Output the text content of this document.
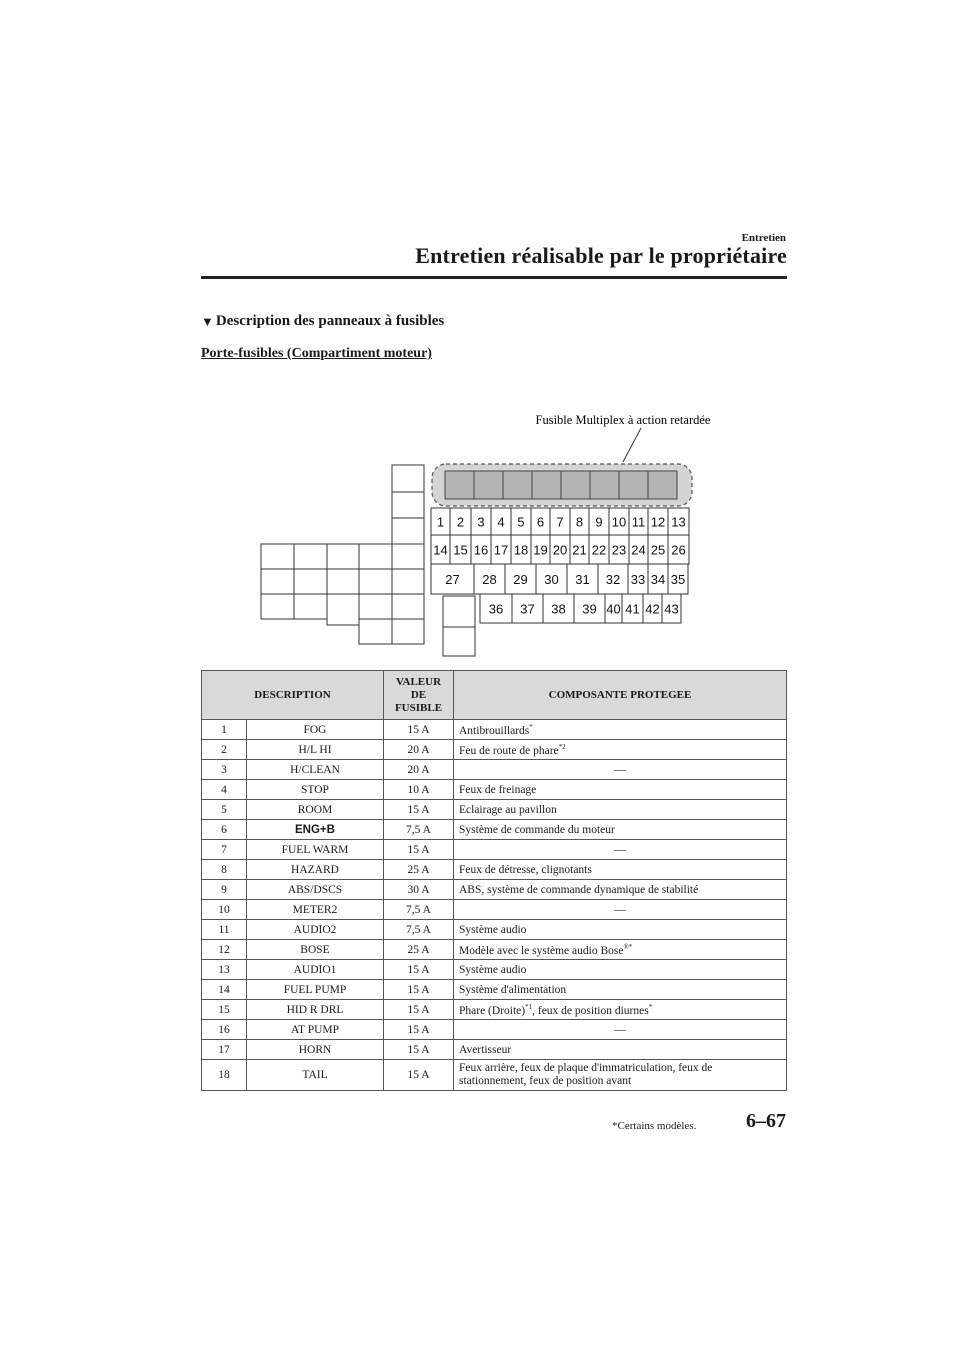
Entretien
Entretien réalisable par le propriétaire
▼ Description des panneaux à fusibles
Porte-fusibles (Compartiment moteur)
Fusible Multiplex à action retardée
1 2 3 4 5 6 7 8 9 10 11 12 13
14 15 16 17 18 19 20 21 22 23 24 25 26
27 28 29 30 31 32 33 34 35
36 37 38 39 40 41 42 43
DESCRIPTION		VALEUR
DE
FUSIBLE	COMPOSANTE PROTEGEE
1	FOG	15 A	Antibrouillards*
2	H/L HI	20 A	Feu de route de phare$^{*2}$
3	H/CLEAN	20 A	—
4	STOP	10 A	Feux de freinage
5	ROOM	15 A	Eclairage au pavillon
6	ENG+B	7,5 A	Système de commande du moteur
7	FUEL WARM	15 A	—
8	HAZARD	25 A	Feux de détresse, clignotants
9	ABS/DSCS	30 A	ABS, système de commande dynamique de stabilité
10	METER2	7,5 A	—
11	AUDIO2	7,5 A	Système audio
12	BOSE	25 A	Modèle avec le système audio Bose®*
13	AUDIO1	15 A	Système audio
14	FUEL PUMP	15 A	Système d'alimentation
15	HID R DRL	15 A	Phare (Droite)$^{*1}$, feux de position diurnes*
16	AT PUMP	15 A	—
17	HORN	15 A	Avertisseur
18	TAIL	15 A	Feux arrière, feux de plaque d'immatriculation, feux de stationnement, feux de position avant
*Certains modèles. 6–67
